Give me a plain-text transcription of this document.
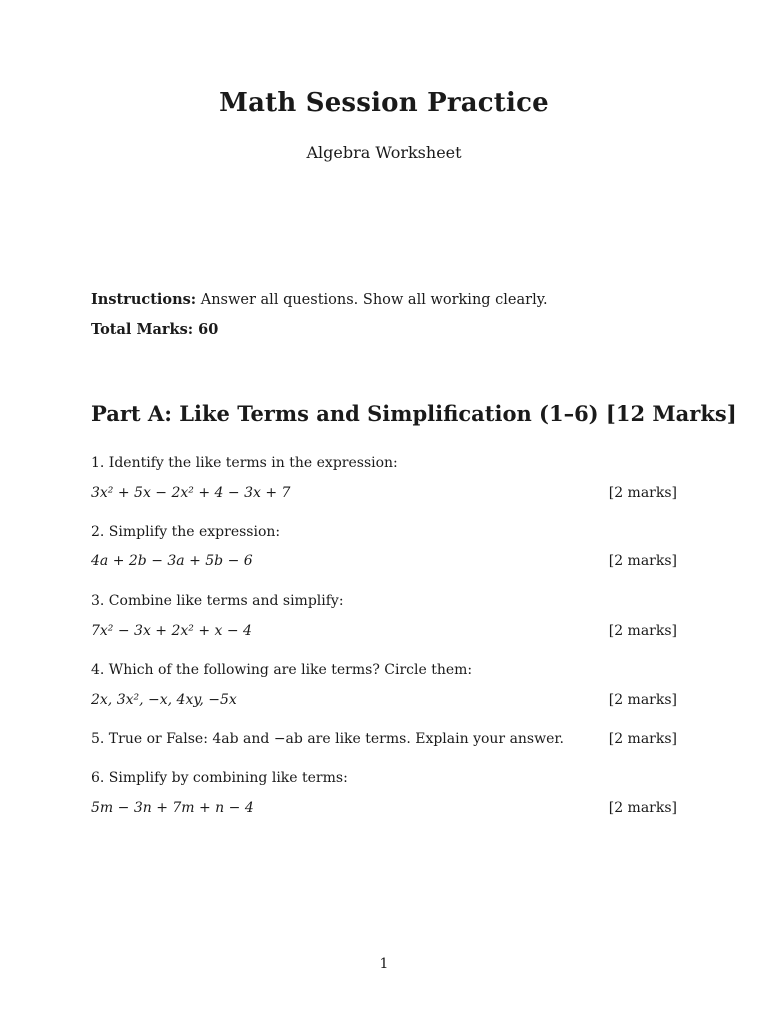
Math Session Practice
Algebra Worksheet
Instructions: Answer all questions. Show all working clearly.
Total Marks: 60
Part A: Like Terms and Simplification (1–6) [12 Marks]
1. Identify the like terms in the expression:
3x² + 5x − 2x² + 4 − 3x + 7	[2 marks]
2. Simplify the expression:
4a + 2b − 3a + 5b − 6	[2 marks]
3. Combine like terms and simplify:
7x² − 3x + 2x² + x − 4	[2 marks]
4. Which of the following are like terms? Circle them:
2x, 3x², −x, 4xy, −5x	[2 marks]
5. True or False: 4ab and −ab are like terms. Explain your answer.	[2 marks]
6. Simplify by combining like terms:
5m − 3n + 7m + n − 4	[2 marks]
1
